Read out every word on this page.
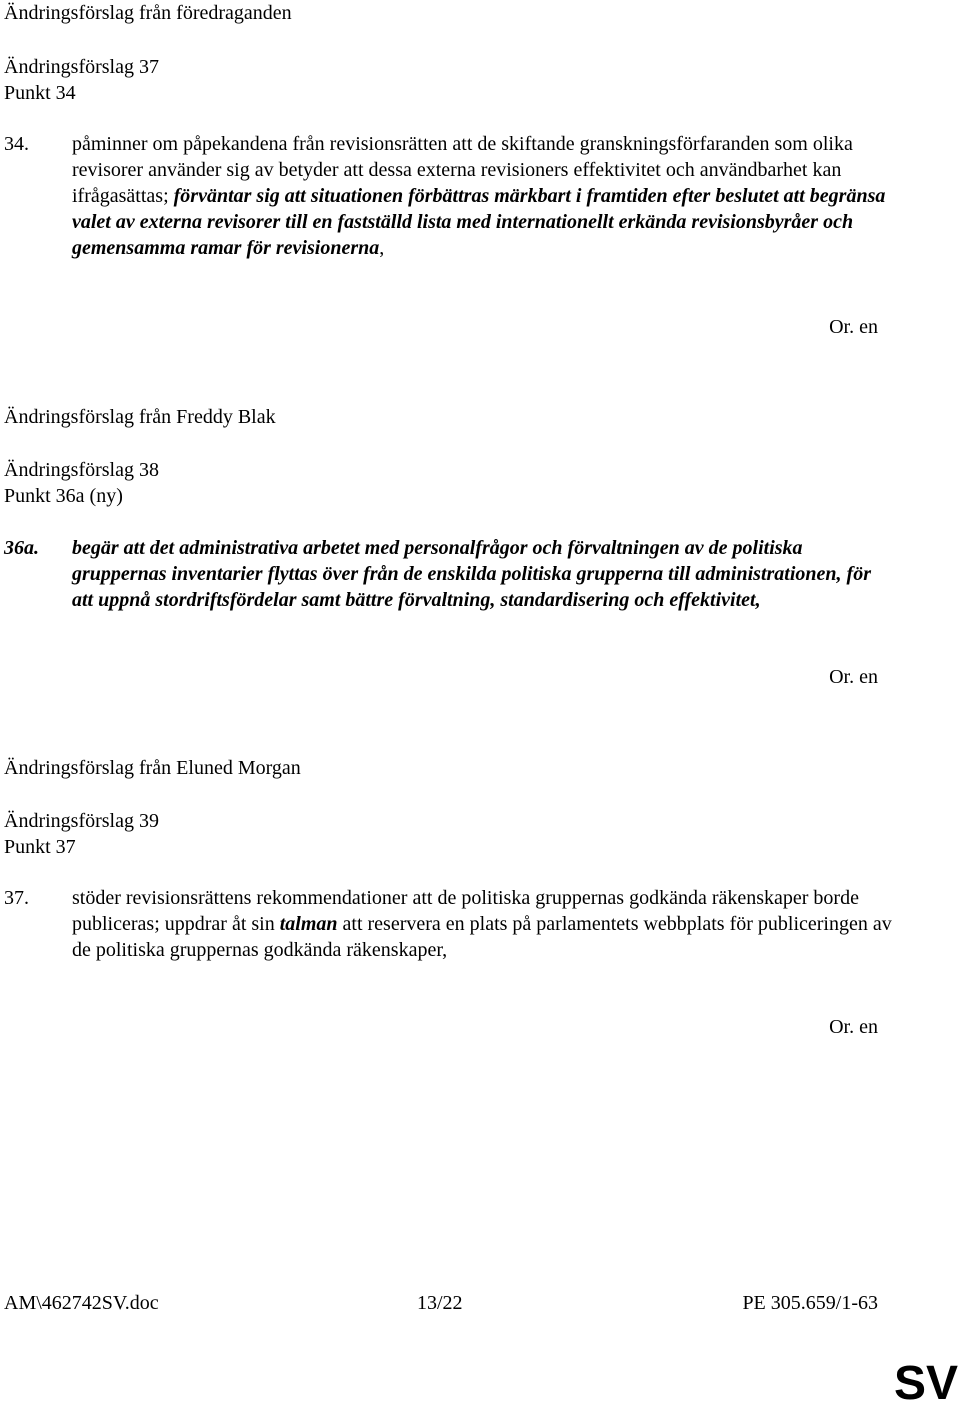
Ändringsförslag från föredraganden
Ändringsförslag 37
Punkt 34
34. påminner om påpekandena från revisionsrätten att de skiftande granskningsförfaranden som olika revisorer använder sig av betyder att dessa externa revisioners effektivitet och användbarhet kan ifrågasättas; förväntar sig att situationen förbättras märkbart i framtiden efter beslutet att begränsa valet av externa revisorer till en fastställd lista med internationellt erkända revisionsbyråer och gemensamma ramar för revisionerna,
Or. en
Ändringsförslag från Freddy Blak
Ändringsförslag 38
Punkt 36a (ny)
36a. begär att det administrativa arbetet med personalfrågor och förvaltningen av de politiska gruppernas inventarier flyttas över från de enskilda politiska grupperna till administrationen, för att uppnå stordriftsfördelar samt bättre förvaltning, standardisering och effektivitet,
Or. en
Ändringsförslag från Eluned Morgan
Ändringsförslag 39
Punkt 37
37. stöder revisionsrättens rekommendationer att de politiska gruppernas godkända räkenskaper borde publiceras; uppdrar åt sin talman att reservera en plats på parlamentets webbplats för publiceringen av de politiska gruppernas godkända räkenskaper,
Or. en
AM\462742SV.doc	13/22	PE 305.659/1-63
SV
